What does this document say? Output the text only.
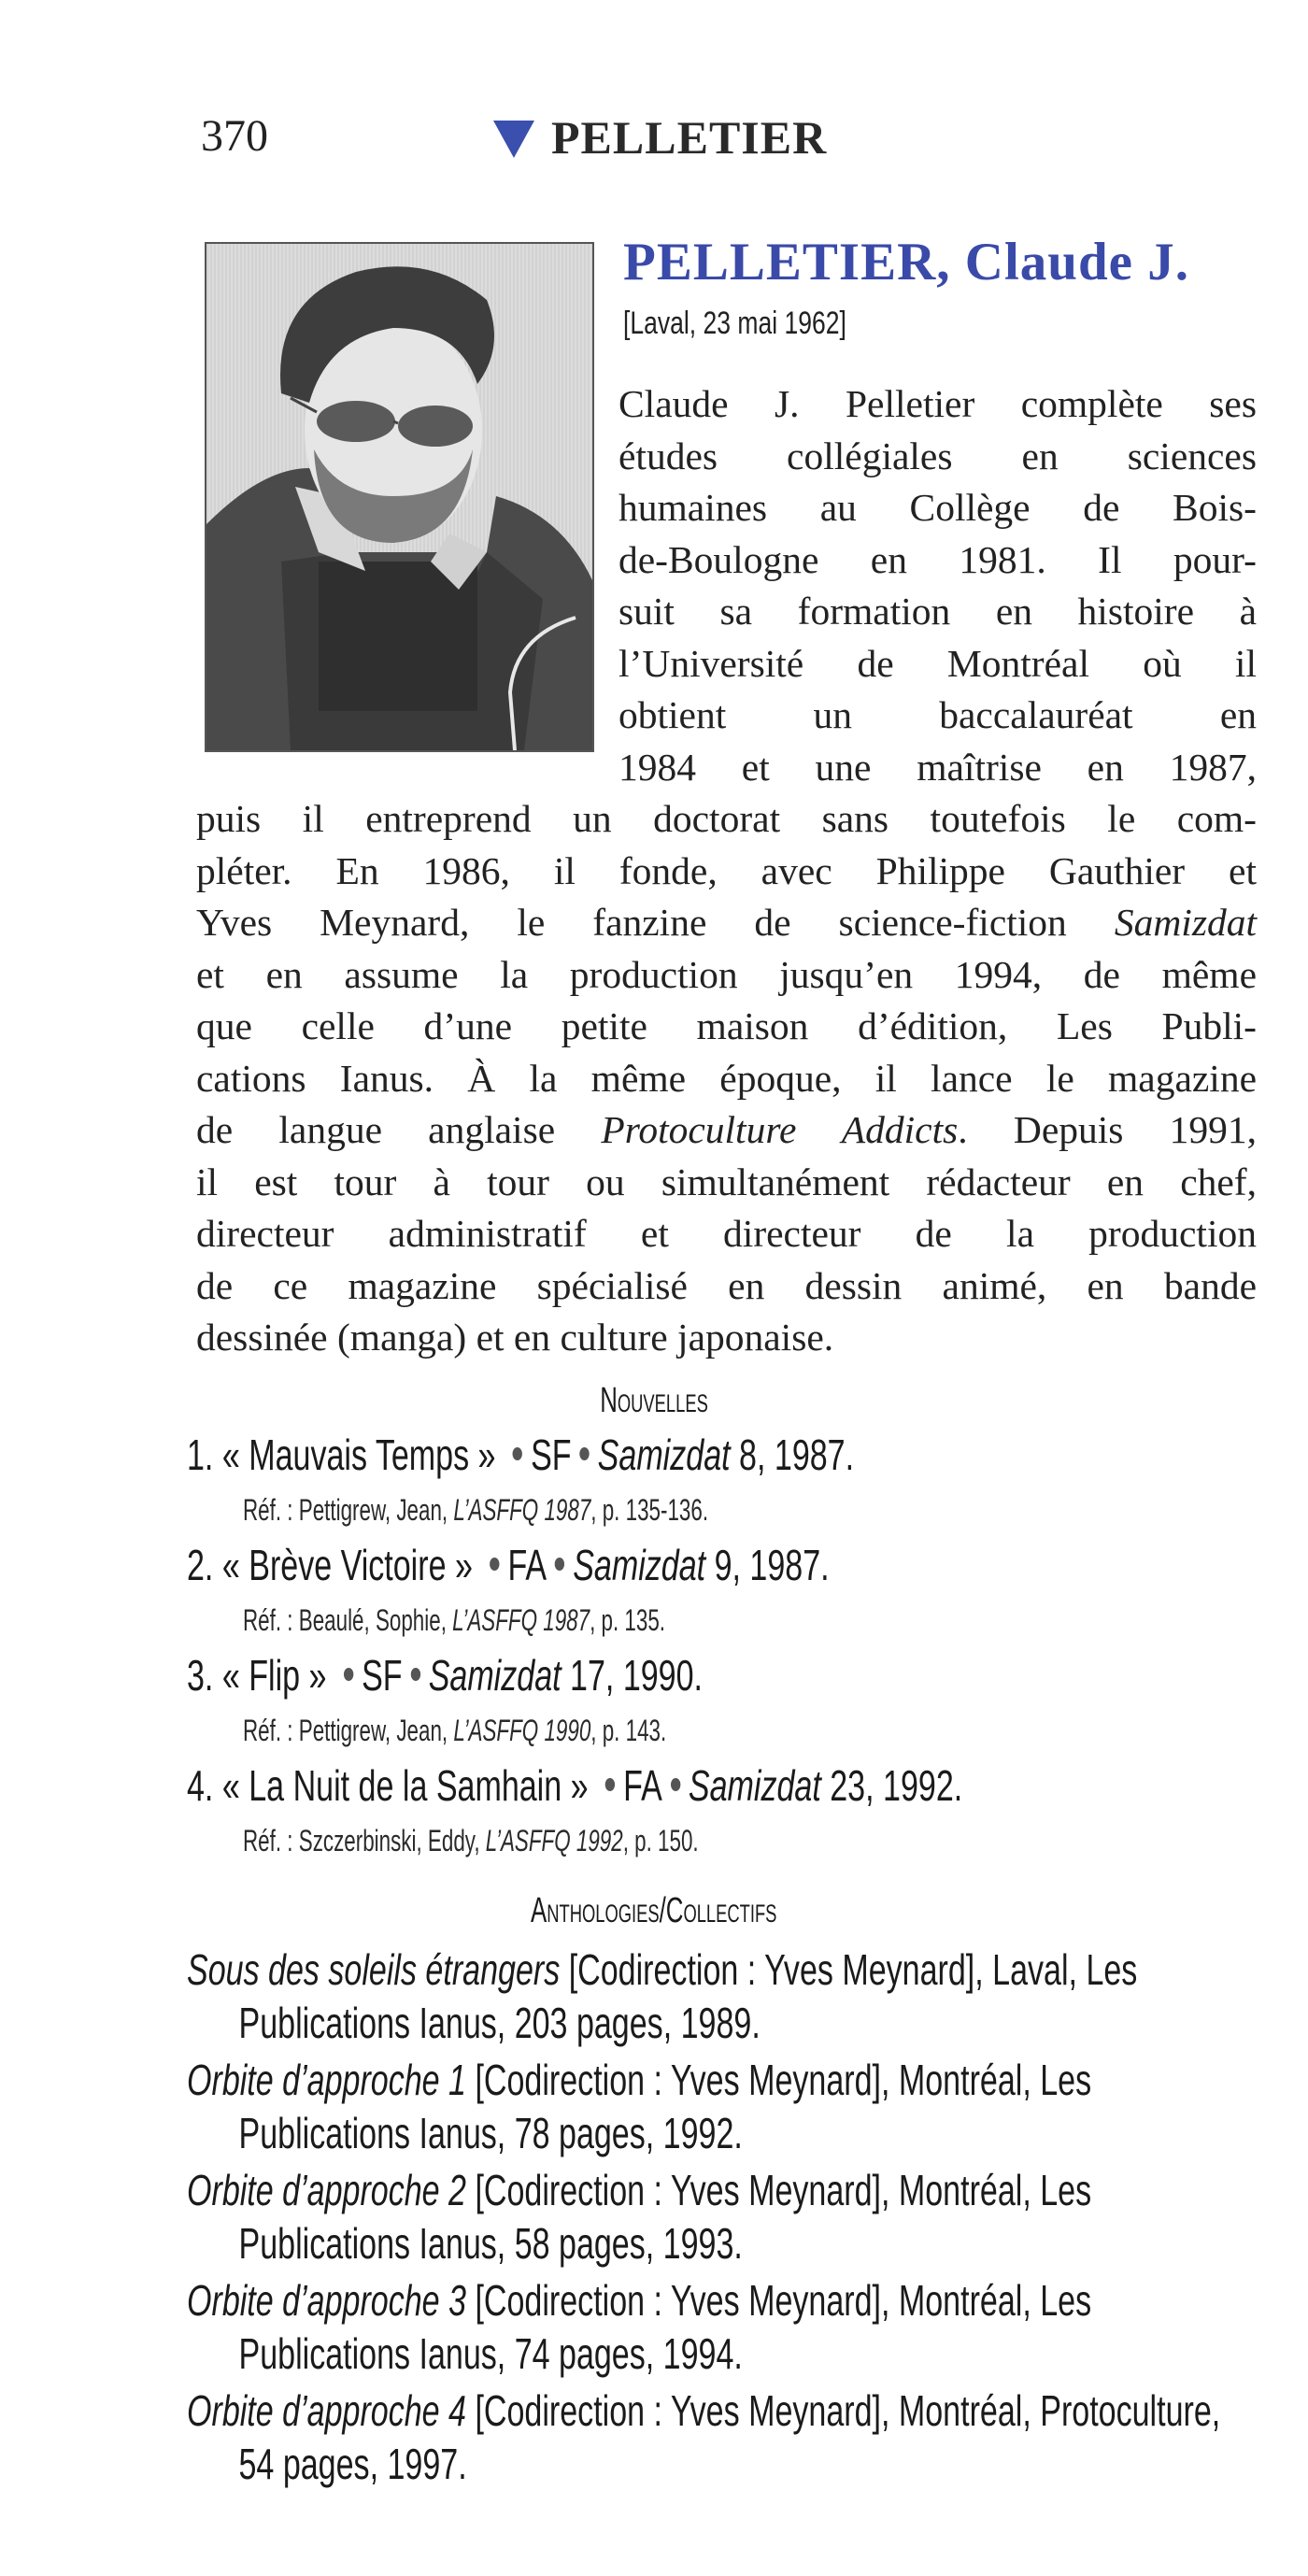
370	PELLETIER
PELLETIER, Claude J.
[Laval, 23 mai 1962]

Claude J. Pelletier complète ses
études collégiales en sciences
humaines au Collège de Bois-
de-Boulogne en 1981. Il pour-
suit sa formation en histoire à
l’Université de Montréal où il
obtient un baccalauréat en
1984 et une maîtrise en 1987,
puis il entreprend un doctorat sans toutefois le com-
pléter. En 1986, il fonde, avec Philippe Gauthier et
Yves Meynard, le fanzine de science-fiction Samizdat
et en assume la production jusqu’en 1994, de même
que celle d’une petite maison d’édition, Les Publi-
cations Ianus. À la même époque, il lance le magazine
de langue anglaise Protoculture Addicts. Depuis 1991,
il est tour à tour ou simultanément rédacteur en chef,
directeur administratif et directeur de la production
de ce magazine spécialisé en dessin animé, en bande
dessinée (manga) et en culture japonaise.

Nouvelles
1. « Mauvais Temps » SF Samizdat 8, 1987.
Réf. : Pettigrew, Jean, L’ASFFQ 1987, p. 135-136.
2. « Brève Victoire » FA Samizdat 9, 1987.
Réf. : Beaulé, Sophie, L’ASFFQ 1987, p. 135.
3. « Flip » SF Samizdat 17, 1990.
Réf. : Pettigrew, Jean, L’ASFFQ 1990, p. 143.
4. « La Nuit de la Samhain » FA Samizdat 23, 1992.
Réf. : Szczerbinski, Eddy, L’ASFFQ 1992, p. 150.
Anthologies/Collectifs
Sous des soleils étrangers [Codirection : Yves Meynard], Laval, Les
Publications Ianus, 203 pages, 1989.
Orbite d’approche 1 [Codirection : Yves Meynard], Montréal, Les
Publications Ianus, 78 pages, 1992.
Orbite d’approche 2 [Codirection : Yves Meynard], Montréal, Les
Publications Ianus, 58 pages, 1993.
Orbite d’approche 3 [Codirection : Yves Meynard], Montréal, Les
Publications Ianus, 74 pages, 1994.
Orbite d’approche 4 [Codirection : Yves Meynard], Montréal, Protoculture,
54 pages, 1997.
